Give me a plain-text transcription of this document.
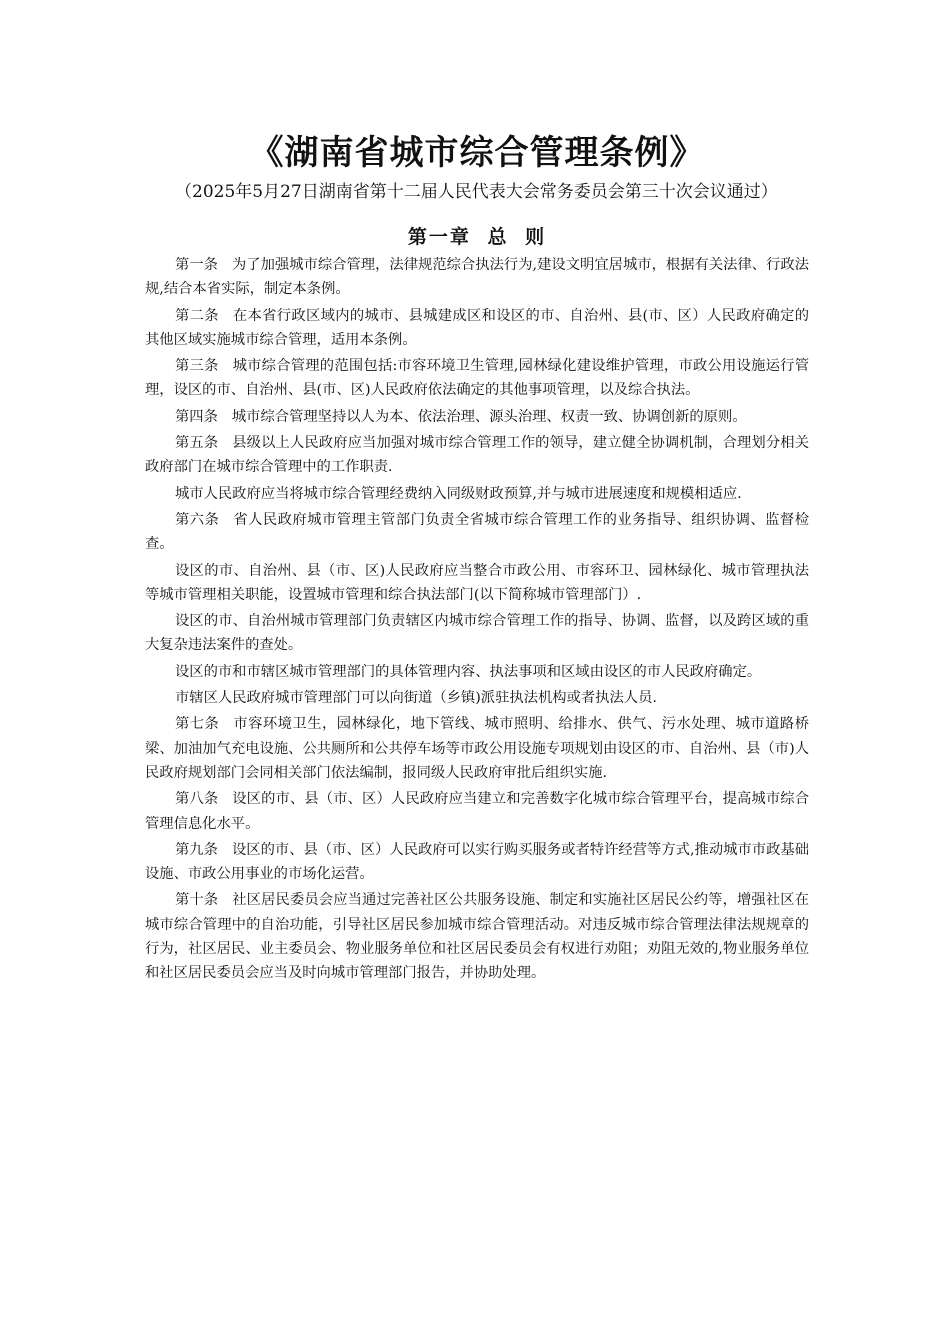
《湖南省城市综合管理条例》

（2025年5月27日湖南省第十二届人民代表大会常务委员会第三十次会议通过）

第一章 总 则

第一条 为了加强城市综合管理，法律规范综合执法行为,建设文明宜居城市，根据有关法律、行政法规,结合本省实际，制定本条例。

第二条 在本省行政区域内的城市、县城建成区和设区的市、自治州、县(市、区）人民政府确定的其他区域实施城市综合管理，适用本条例。

第三条 城市综合管理的范围包括:市容环境卫生管理,园林绿化建设维护管理，市政公用设施运行管理，设区的市、自治州、县(市、区)人民政府依法确定的其他事项管理，以及综合执法。

第四条 城市综合管理坚持以人为本、依法治理、源头治理、权责一致、协调创新的原则。

第五条 县级以上人民政府应当加强对城市综合管理工作的领导，建立健全协调机制，合理划分相关政府部门在城市综合管理中的工作职责.

城市人民政府应当将城市综合管理经费纳入同级财政预算,并与城市进展速度和规模相适应.

第六条 省人民政府城市管理主管部门负责全省城市综合管理工作的业务指导、组织协调、监督检查。

设区的市、自治州、县（市、区)人民政府应当整合市政公用、市容环卫、园林绿化、城市管理执法等城市管理相关职能，设置城市管理和综合执法部门(以下简称城市管理部门）.

设区的市、自治州城市管理部门负责辖区内城市综合管理工作的指导、协调、监督，以及跨区域的重大复杂违法案件的查处。

设区的市和市辖区城市管理部门的具体管理内容、执法事项和区域由设区的市人民政府确定。

市辖区人民政府城市管理部门可以向街道（乡镇)派驻执法机构或者执法人员.

第七条 市容环境卫生，园林绿化，地下管线、城市照明、给排水、供气、污水处理、城市道路桥梁、加油加气充电设施、公共厕所和公共停车场等市政公用设施专项规划由设区的市、自治州、县（市)人民政府规划部门会同相关部门依法编制，报同级人民政府审批后组织实施.

第八条 设区的市、县（市、区）人民政府应当建立和完善数字化城市综合管理平台，提高城市综合管理信息化水平。

第九条 设区的市、县（市、区）人民政府可以实行购买服务或者特许经营等方式,推动城市市政基础设施、市政公用事业的市场化运营。

第十条 社区居民委员会应当通过完善社区公共服务设施、制定和实施社区居民公约等，增强社区在城市综合管理中的自治功能，引导社区居民参加城市综合管理活动。对违反城市综合管理法律法规规章的行为，社区居民、业主委员会、物业服务单位和社区居民委员会有权进行劝阻；劝阻无效的,物业服务单位和社区居民委员会应当及时向城市管理部门报告，并协助处理。
